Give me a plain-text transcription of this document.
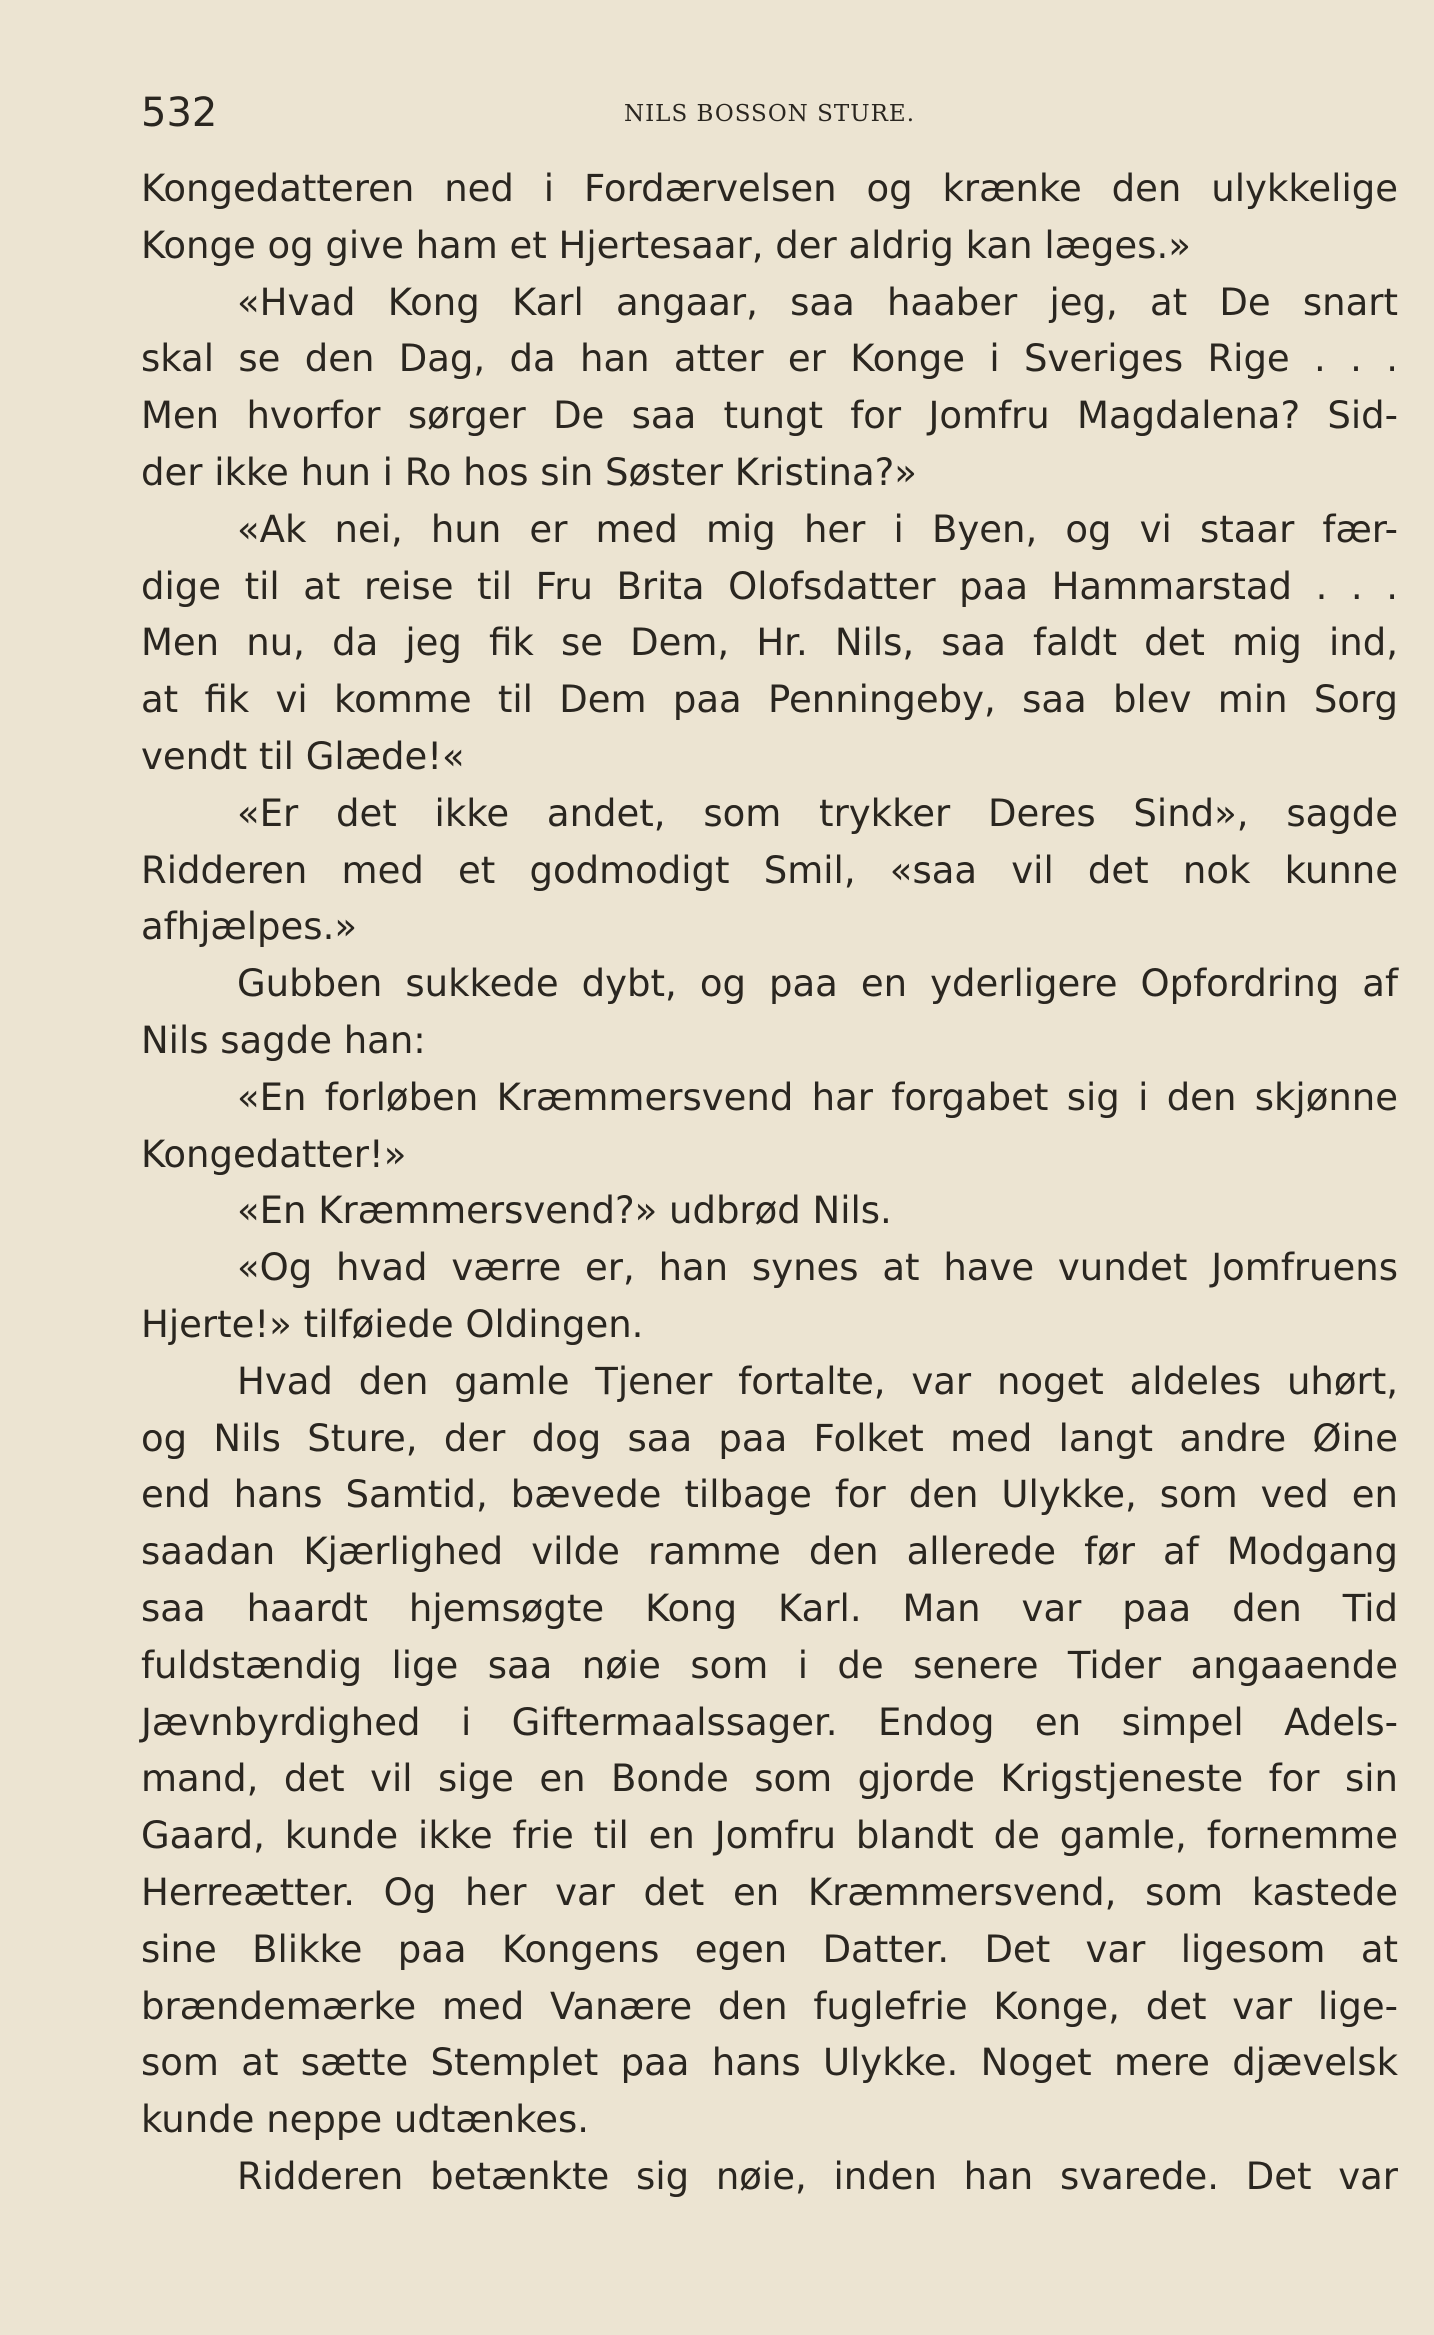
532	NILS BOSSON STURE.
Kongedatteren ned i Fordærvelsen og krænke den ulykkelige
Konge og give ham et Hjertesaar, der aldrig kan læges.»
«Hvad Kong Karl angaar, saa haaber jeg, at De snart
skal se den Dag, da han atter er Konge i Sveriges Rige . . .
Men hvorfor sørger De saa tungt for Jomfru Magdalena? Sid-
der ikke hun i Ro hos sin Søster Kristina?»
«Ak nei, hun er med mig her i Byen, og vi staar fær-
dige til at reise til Fru Brita Olofsdatter paa Hammarstad . . .
Men nu, da jeg fik se Dem, Hr. Nils, saa faldt det mig ind,
at fik vi komme til Dem paa Penningeby, saa blev min Sorg
vendt til Glæde!«
«Er det ikke andet, som trykker Deres Sind», sagde
Ridderen med et godmodigt Smil, «saa vil det nok kunne
afhjælpes.»
Gubben sukkede dybt, og paa en yderligere Opfordring af
Nils sagde han:
«En forløben Kræmmersvend har forgabet sig i den skjønne
Kongedatter!»
«En Kræmmersvend?» udbrød Nils.
«Og hvad værre er, han synes at have vundet Jomfruens
Hjerte!» tilføiede Oldingen.
Hvad den gamle Tjener fortalte, var noget aldeles uhørt,
og Nils Sture, der dog saa paa Folket med langt andre Øine
end hans Samtid, bævede tilbage for den Ulykke, som ved en
saadan Kjærlighed vilde ramme den allerede før af Modgang
saa haardt hjemsøgte Kong Karl. Man var paa den Tid
fuldstændig lige saa nøie som i de senere Tider angaaende
Jævnbyrdighed i Giftermaalssager. Endog en simpel Adels-
mand, det vil sige en Bonde som gjorde Krigstjeneste for sin
Gaard, kunde ikke frie til en Jomfru blandt de gamle, fornemme
Herreætter. Og her var det en Kræmmersvend, som kastede
sine Blikke paa Kongens egen Datter. Det var ligesom at
brændemærke med Vanære den fuglefrie Konge, det var lige-
som at sætte Stemplet paa hans Ulykke. Noget mere djævelsk
kunde neppe udtænkes.
Ridderen betænkte sig nøie, inden han svarede. Det var
